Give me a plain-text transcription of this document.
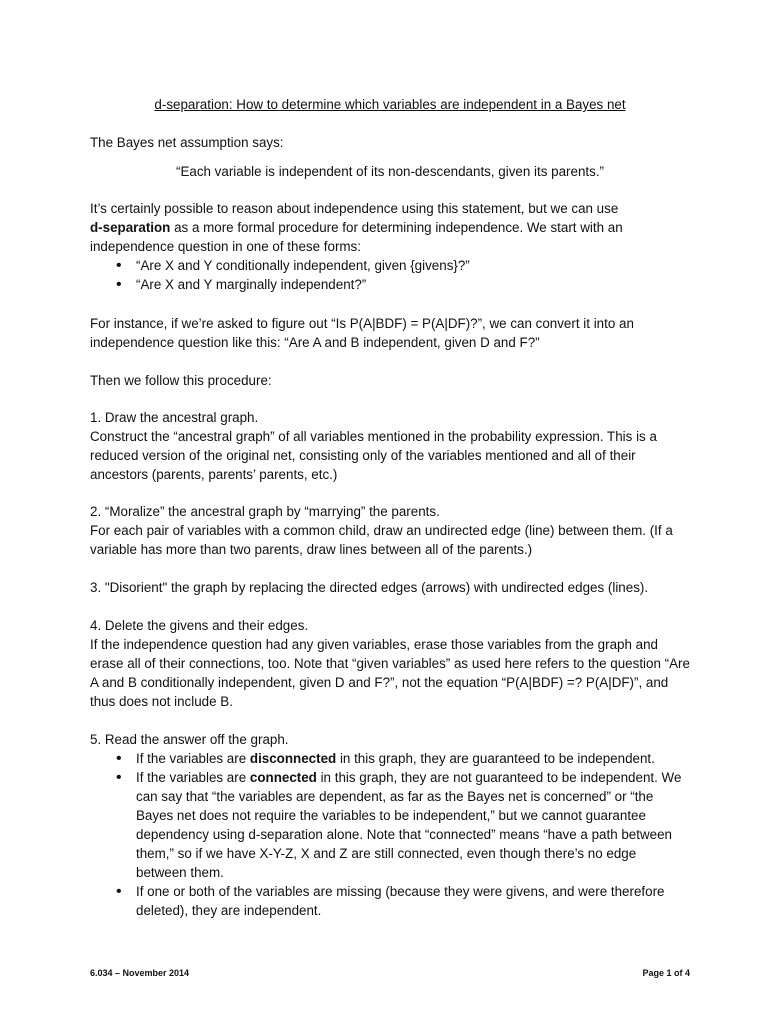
d-separation: How to determine which variables are independent in a Bayes net

The Bayes net assumption says:

“Each variable is independent of its non-descendants, given its parents.”

It’s certainly possible to reason about independence using this statement, but we can use
d-separation as a more formal procedure for determining independence. We start with an independence question in one of these forms:

• “Are X and Y conditionally independent, given {givens}?”
• “Are X and Y marginally independent?”

For instance, if we’re asked to figure out “Is P(A|BDF) = P(A|DF)?”, we can convert it into an independence question like this: “Are A and B independent, given D and F?”

Then we follow this procedure:

1. Draw the ancestral graph.

Construct the “ancestral graph” of all variables mentioned in the probability expression. This is a reduced version of the original net, consisting only of the variables mentioned and all of their ancestors (parents, parents’ parents, etc.)

2. “Moralize” the ancestral graph by “marrying” the parents.

For each pair of variables with a common child, draw an undirected edge (line) between them. (If a variable has more than two parents, draw lines between all of the parents.)

3. "Disorient" the graph by replacing the directed edges (arrows) with undirected edges (lines).

4. Delete the givens and their edges.

If the independence question had any given variables, erase those variables from the graph and erase all of their connections, too. Note that “given variables” as used here refers to the question “Are A and B conditionally independent, given D and F?”, not the equation “P(A|BDF) =? P(A|DF)”, and thus does not include B.

5. Read the answer off the graph.

• If the variables are disconnected in this graph, they are guaranteed to be independent.
• If the variables are connected in this graph, they are not guaranteed to be independent. We can say that “the variables are dependent, as far as the Bayes net is concerned” or “the Bayes net does not require the variables to be independent,” but we cannot guarantee dependency using d-separation alone. Note that “connected” means “have a path between them,” so if we have X-Y-Z, X and Z are still connected, even though there’s no edge between them.
• If one or both of the variables are missing (because they were givens, and were therefore deleted), they are independent.
6.034 – November 2014	Page 1 of 4
